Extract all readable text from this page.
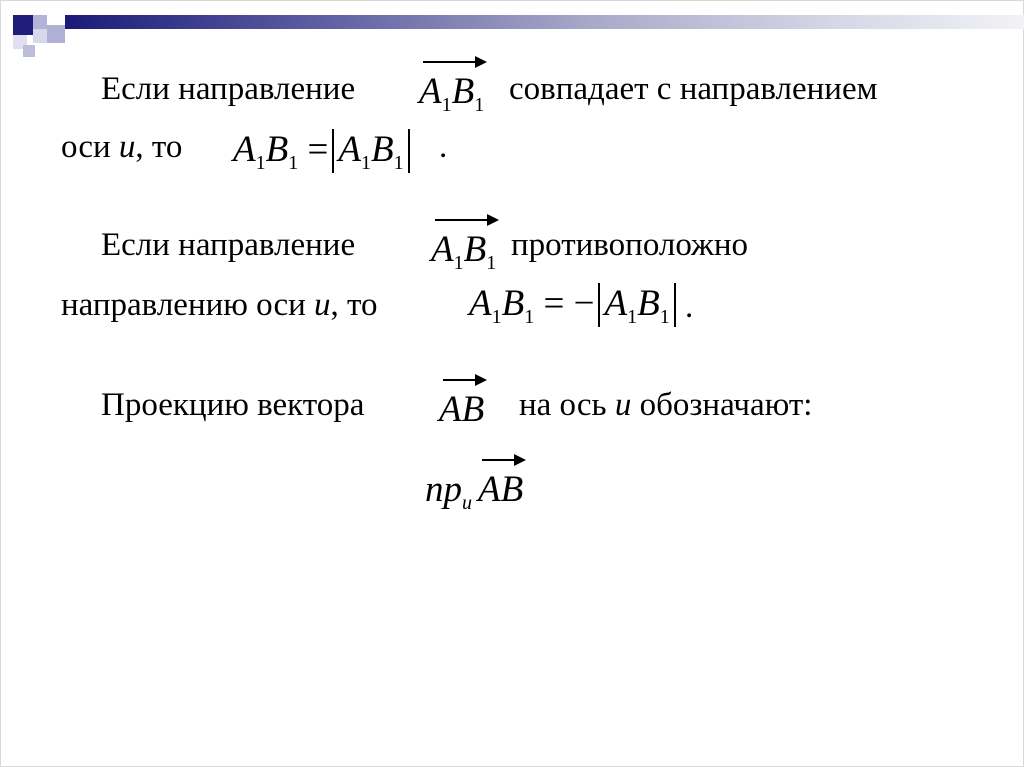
Если направление $A_1B_1$ совпадает с направлением
оси u, то $A_1B_1 = A_1B_1$	.
Если направление $A_1B_1$ противоположно
направлению оси u, то $A_1B_1$ = − $A_1B_1$ .
Проекцию вектора AB на ось u обозначают:
$пр_u$ AB
